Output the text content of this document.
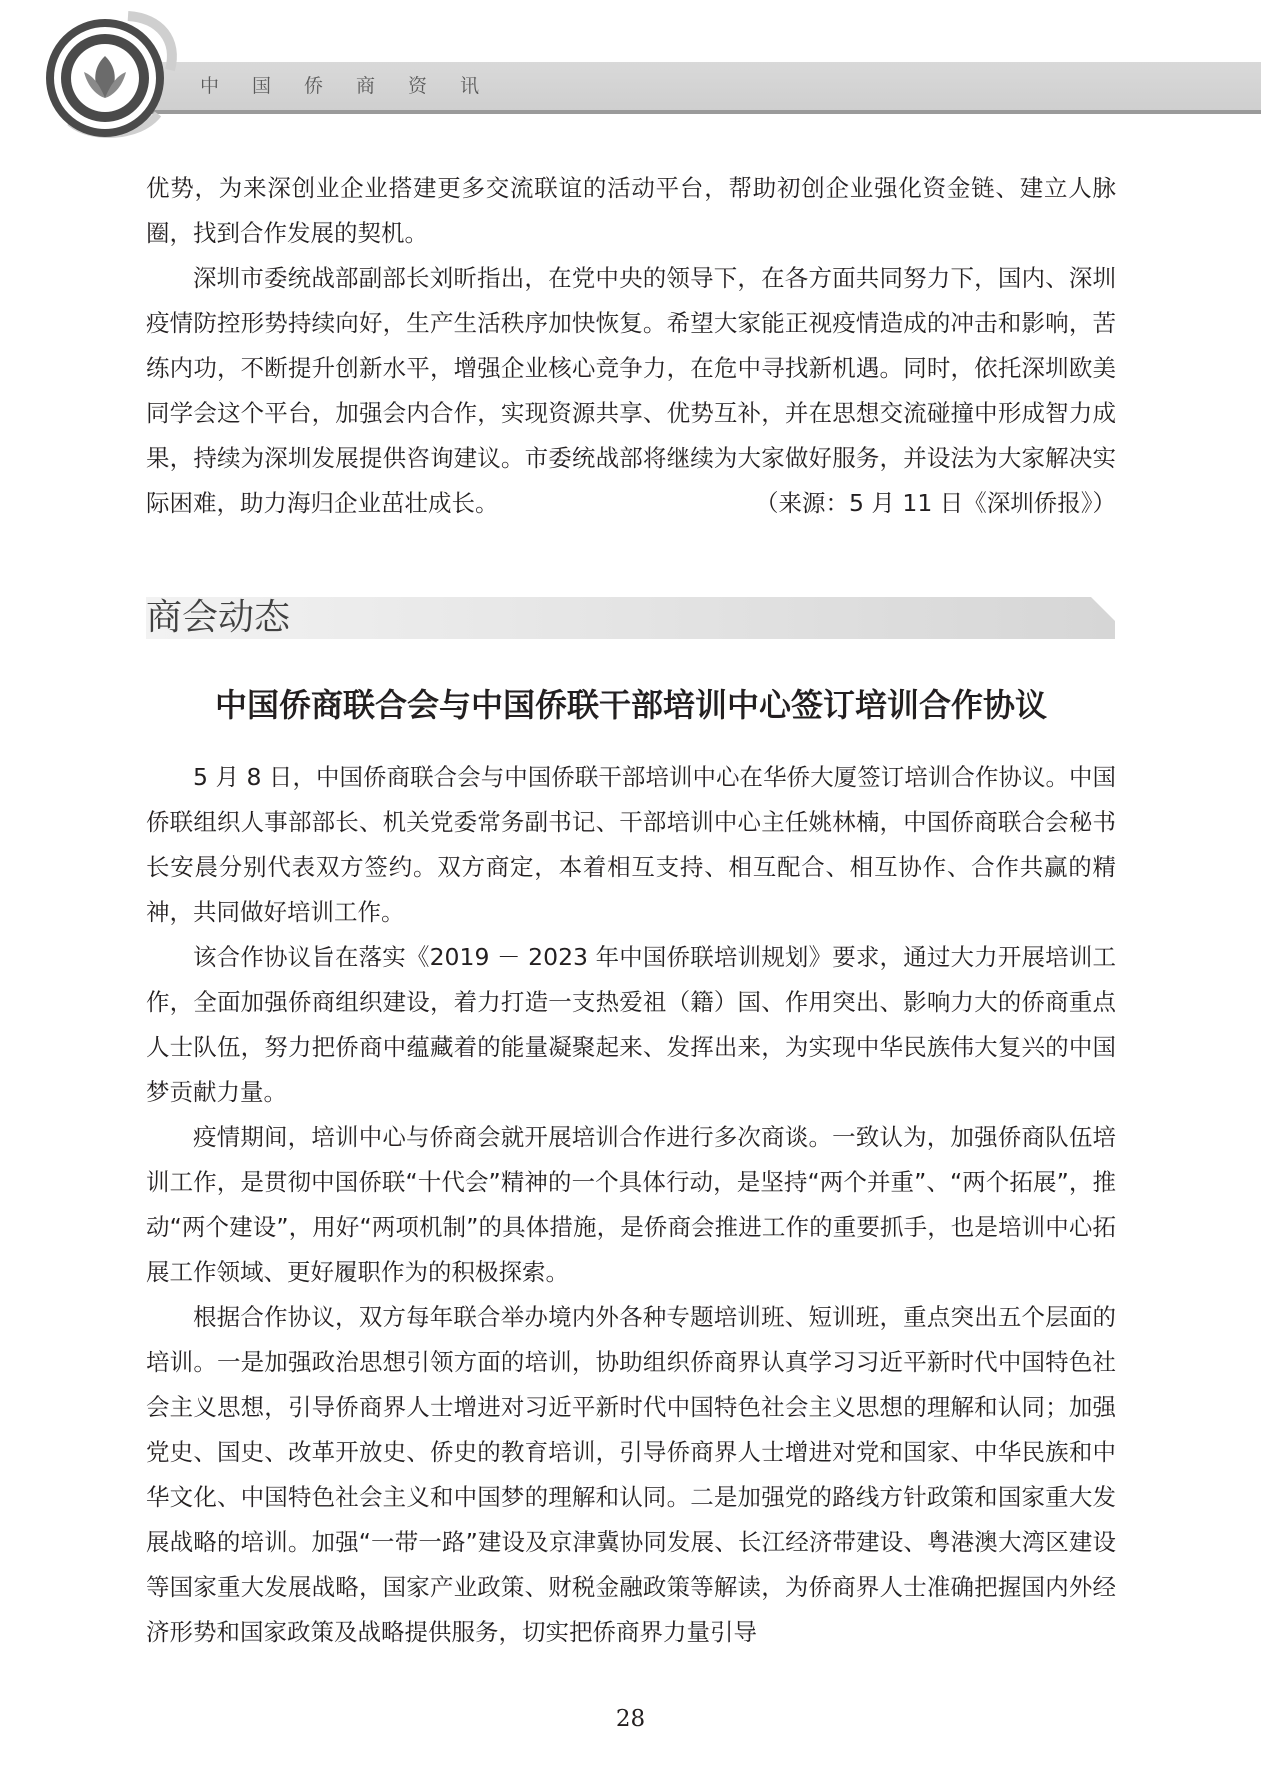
中国侨商资讯

优势，为来深创业企业搭建更多交流联谊的活动平台，帮助初创企业强化资金链、建立人脉圈，找到合作发展的契机。

深圳市委统战部副部长刘昕指出，在党中央的领导下，在各方面共同努力下，国内、深圳疫情防控形势持续向好，生产生活秩序加快恢复。希望大家能正视疫情造成的冲击和影响，苦练内功，不断提升创新水平，增强企业核心竞争力，在危中寻找新机遇。同时，依托深圳欧美同学会这个平台，加强会内合作，实现资源共享、优势互补，并在思想交流碰撞中形成智力成果，持续为深圳发展提供咨询建议。市委统战部将继续为大家做好服务，并设法为大家解决实际困难，助力海归企业茁壮成长。	（来源：5 月 11 日《深圳侨报》）

商会动态
中国侨商联合会与中国侨联干部培训中心签订培训合作协议

5 月 8 日，中国侨商联合会与中国侨联干部培训中心在华侨大厦签订培训合作协议。中国侨联组织人事部部长、机关党委常务副书记、干部培训中心主任姚林楠，中国侨商联合会秘书长安晨分别代表双方签约。双方商定，本着相互支持、相互配合、相互协作、合作共赢的精神，共同做好培训工作。

该合作协议旨在落实《2019 － 2023 年中国侨联培训规划》要求，通过大力开展培训工作，全面加强侨商组织建设，着力打造一支热爱祖（籍）国、作用突出、影响力大的侨商重点人士队伍，努力把侨商中蕴藏着的能量凝聚起来、发挥出来，为实现中华民族伟大复兴的中国梦贡献力量。

疫情期间，培训中心与侨商会就开展培训合作进行多次商谈。一致认为，加强侨商队伍培训工作，是贯彻中国侨联“十代会”精神的一个具体行动，是坚持“两个并重”、“两个拓展”，推动“两个建设”，用好“两项机制”的具体措施，是侨商会推进工作的重要抓手，也是培训中心拓展工作领域、更好履职作为的积极探索。

根据合作协议，双方每年联合举办境内外各种专题培训班、短训班，重点突出五个层面的培训。一是加强政治思想引领方面的培训，协助组织侨商界认真学习习近平新时代中国特色社会主义思想，引导侨商界人士增进对习近平新时代中国特色社会主义思想的理解和认同；加强党史、国史、改革开放史、侨史的教育培训，引导侨商界人士增进对党和国家、中华民族和中华文化、中国特色社会主义和中国梦的理解和认同。二是加强党的路线方针政策和国家重大发展战略的培训。加强“一带一路”建设及京津冀协同发展、长江经济带建设、粤港澳大湾区建设等国家重大发展战略，国家产业政策、财税金融政策等解读，为侨商界人士准确把握国内外经济形势和国家政策及战略提供服务，切实把侨商界力量引导

28
